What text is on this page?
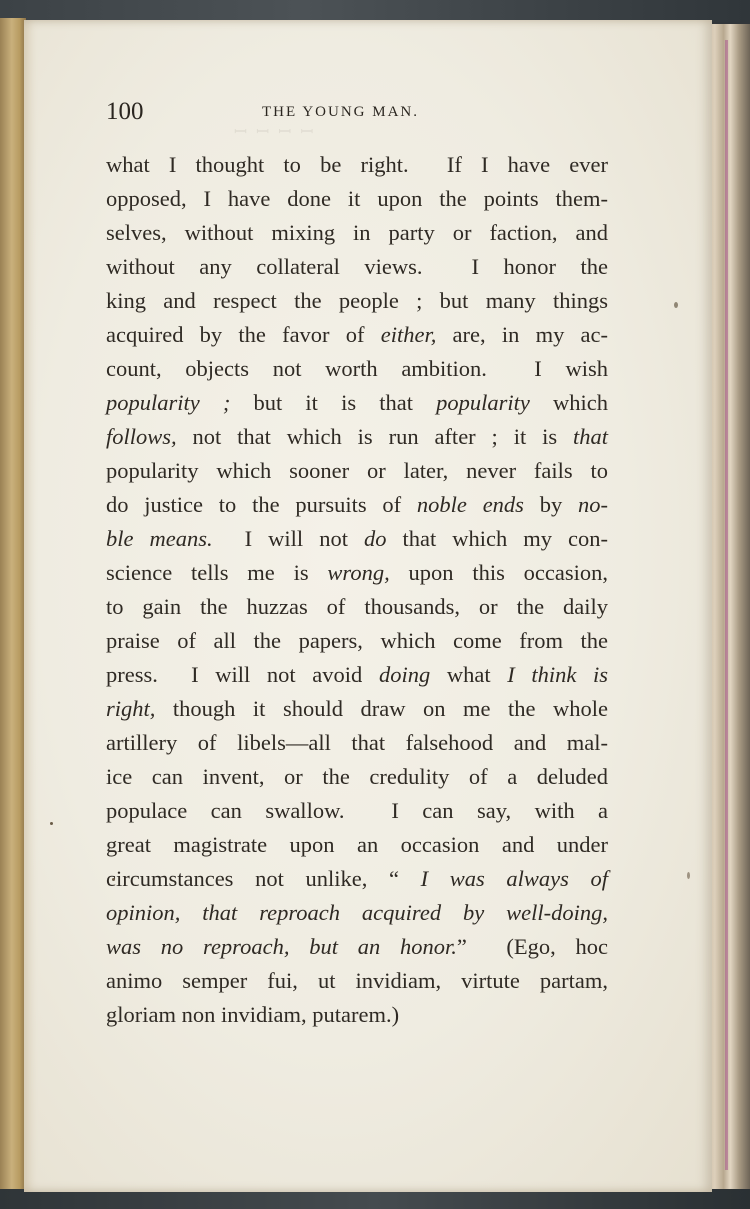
ꟷ ꟷ ꟷ ꟷ
100	THE YOUNG MAN.
what I thought to be right.  If I have ever
opposed, I have done it upon the points them-
selves, without mixing in party or faction, and
without any collateral views.  I honor the
king and respect the people ; but many things
acquired by the favor of either, are, in my ac-
count, objects not worth ambition.  I wish
popularity ; but it is that popularity which
follows, not that which is run after ; it is that
popularity which sooner or later, never fails to
do justice to the pursuits of noble ends by no-
ble means.  I will not do that which my con-
science tells me is wrong, upon this occasion,
to gain the huzzas of thousands, or the daily
praise of all the papers, which come from the
press.  I will not avoid doing what I think is
right, though it should draw on me the whole
artillery of libels—all that falsehood and mal-
ice can invent, or the credulity of a deluded
populace can swallow.  I can say, with a
great magistrate upon an occasion and under
circumstances not unlike, “ I was always of
opinion, that reproach acquired by well-doing,
was no reproach, but an honor.”  (Ego, hoc
animo semper fui, ut invidiam, virtute partam,
gloriam non invidiam, putarem.)
